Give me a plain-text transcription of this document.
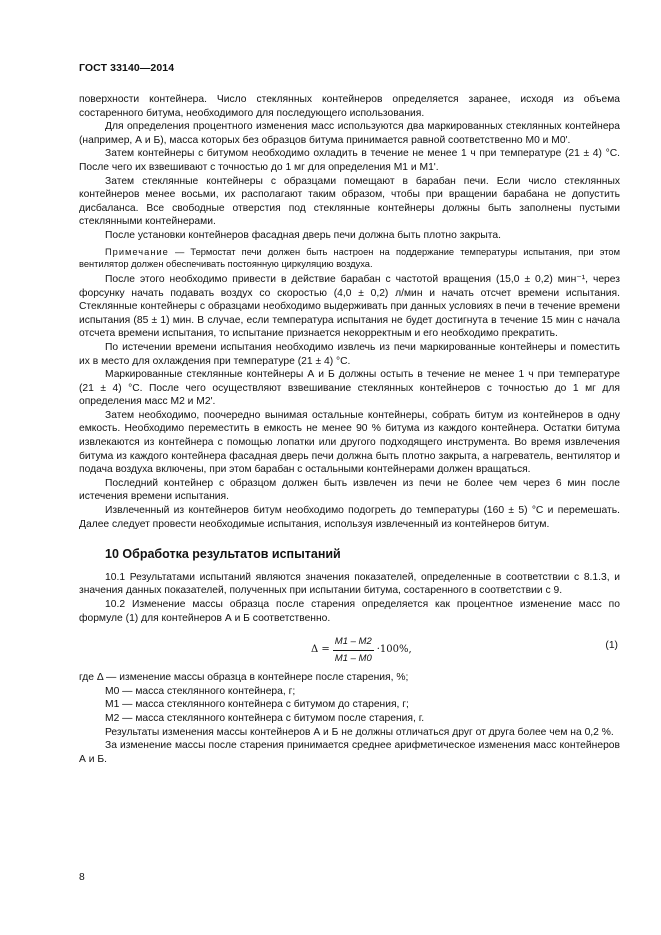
ГОСТ 33140—2014

поверхности контейнера. Число стеклянных контейнеров определяется заранее, исходя из объема состаренного битума, необходимого для последующего использования.

Для определения процентного изменения масс используются два маркированных стеклянных контейнера (например, А и Б), масса которых без образцов битума принимается равной соответственно M0 и M0'.

Затем контейнеры с битумом необходимо охладить в течение не менее 1 ч при температуре (21 ± 4) °С. После чего их взвешивают с точностью до 1 мг для определения M1 и M1'.

Затем стеклянные контейнеры с образцами помещают в барабан печи. Если число стеклянных контейнеров менее восьми, их располагают таким образом, чтобы при вращении барабана не допустить дисбаланса. Все свободные отверстия под стеклянные контейнеры должны быть заполнены пустыми стеклянными контейнерами.

После установки контейнеров фасадная дверь печи должна быть плотно закрыта.

Примечание — Термостат печи должен быть настроен на поддержание температуры испытания, при этом вентилятор должен обеспечивать постоянную циркуляцию воздуха.

После этого необходимо привести в действие барабан с частотой вращения (15,0 ± 0,2) мин⁻¹, через форсунку начать подавать воздух со скоростью (4,0 ± 0,2) л/мин и начать отсчет времени испытания. Стеклянные контейнеры с образцами необходимо выдерживать при данных условиях в печи в течение времени испытания (85 ± 1) мин. В случае, если температура испытания не будет достигнута в течение 15 мин с начала отсчета времени испытания, то испытание признается некорректным и его необходимо прекратить.

По истечении времени испытания необходимо извлечь из печи маркированные контейнеры и поместить их в место для охлаждения при температуре (21 ± 4) °С.

Маркированные стеклянные контейнеры А и Б должны остыть в течение не менее 1 ч при температуре (21 ± 4) °С. После чего осуществляют взвешивание стеклянных контейнеров с точностью до 1 мг для определения масс M2 и M2'.

Затем необходимо, поочередно вынимая остальные контейнеры, собрать битум из контейнеров в одну емкость. Необходимо переместить в емкость не менее 90 % битума из каждого контейнера. Остатки битума извлекаются из контейнера с помощью лопатки или другого подходящего инструмента. Во время извлечения битума из каждого контейнера фасадная дверь печи должна быть плотно закрыта, а нагреватель, вентилятор и подача воздуха включены, при этом барабан с остальными контейнерами должен вращаться.

Последний контейнер с образцом должен быть извлечен из печи не более чем через 6 мин после истечения времени испытания.

Извлеченный из контейнеров битум необходимо подогреть до температуры (160 ± 5) °С и перемешать. Далее следует провести необходимые испытания, используя извлеченный из контейнеров битум.

10 Обработка результатов испытаний

10.1 Результатами испытаний являются значения показателей, определенные в соответствии с 8.1.3, и значения данных показателей, полученных при испытании битума, состаренного в соответствии с 9.

10.2 Изменение массы образца после старения определяется как процентное изменение масс по формуле (1) для контейнеров А и Б соответственно.

$\Delta = \frac{M1 - M2}{M1 - M0} \cdot 100\%$,	(1)

где Δ — изменение массы образца в контейнере после старения, %;

M0 — масса стеклянного контейнера, г;

M1 — масса стеклянного контейнера с битумом до старения, г;

M2 — масса стеклянного контейнера с битумом после старения, г.

Результаты изменения массы контейнеров А и Б не должны отличаться друг от друга более чем на 0,2 %.

За изменение массы после старения принимается среднее арифметическое изменения масс контейнеров А и Б.

8
